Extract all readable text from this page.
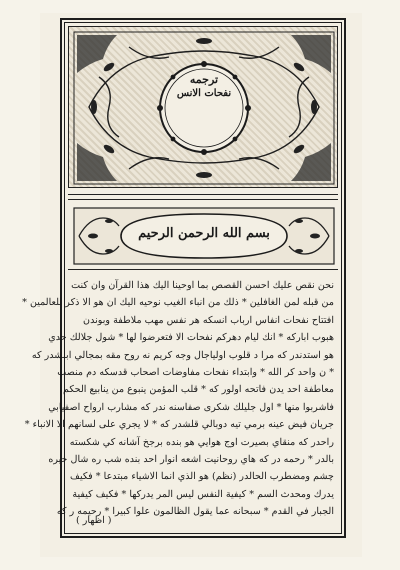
ترجمه
نفحات الانس
بسم الله الرحمن الرحيم
نحن نقص عليك احسن القصص بما اوحينا اليك هذا القرآن وان كنت
من قبله لمن الغافلين * ذلك من انباء الغيب نوحيه اليك ان هو الا ذكر للعالمين *
افتتاح نفحات انفاس ارباب انسكه هر نفس مهب ملاطفة وبوندن
هبوب ابارکه * انك ليام دهركم نفحات الا فتعرضوا لها * شول جلالك حدي
هو استدندر كه مرا د قلوب اولياجال وجه كريم نه روح مقه بمجالي ابلشدر كه
* ن واحد كر الله * وابتداء نفحات مفاوضات اصحاب قدسكه دم منصب
معاطفة احد يدن فاتحه اولور كه * قلب المؤمن ينبوع من ينابيع الحكم
فاشربوا منها * اول جليلك شكرى صفاسنه ندر كه مشارب ارواح اصفيابي
جريان فيض عينه برمي تيه دوبالي قلشدر كه * لا يجري على لسانهم الا الانباء *
راحدر كه منقاي بصيرت اوج هوايي هو بنده برجخ آشانه كي شكسته
بالدر * رحمه در كه هاي روحانيت اشعه انوار احد بنده شب ره شال خيره
چشم ومضطرب الحالدر (نظم) هو الذي انما الاشياء مبتدعا * فكيف
يدرك ومحدث السم * كيفية النفس ليس المر يدركها * فكيف كيفية
الجبار في القدم * سبحانه عما يقول الظالمون علوا كبيرا * رحيمه ر كه
( اظهار )
